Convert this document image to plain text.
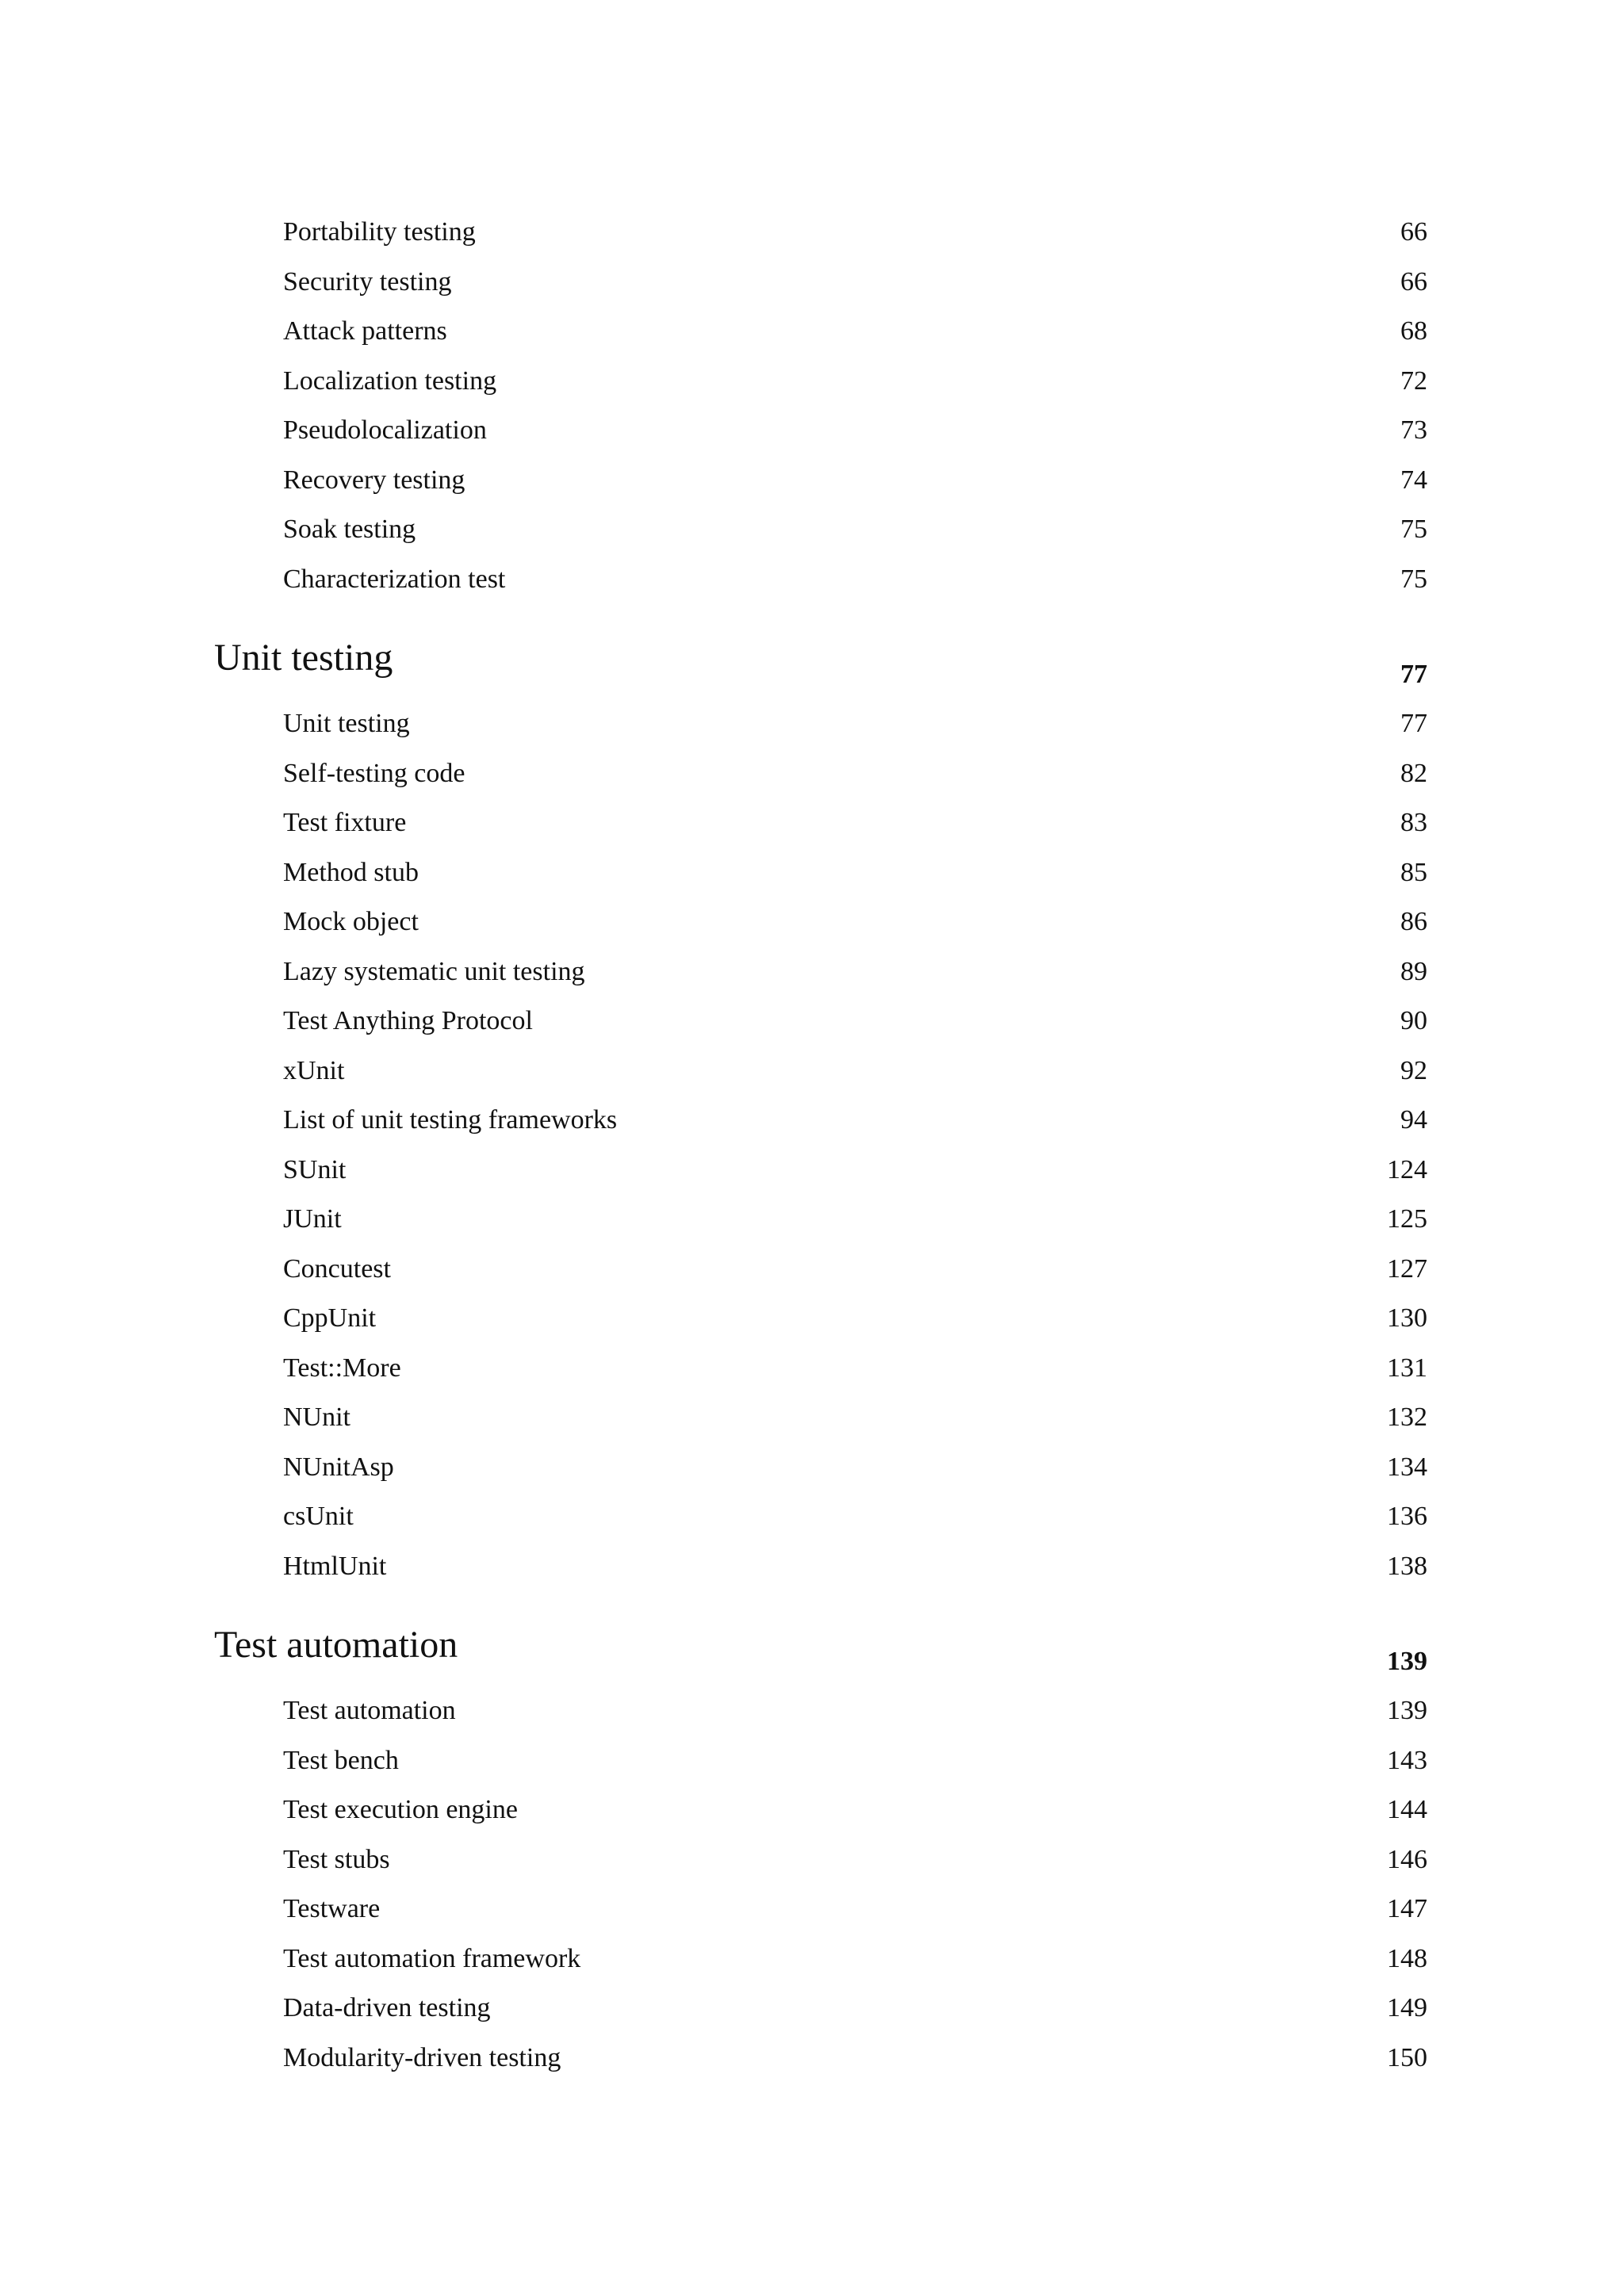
Portability testing	66
Security testing	66
Attack patterns	68
Localization testing	72
Pseudolocalization	73
Recovery testing	74
Soak testing	75
Characterization test	75
Unit testing	77
Unit testing	77
Self-testing code	82
Test fixture	83
Method stub	85
Mock object	86
Lazy systematic unit testing	89
Test Anything Protocol	90
xUnit	92
List of unit testing frameworks	94
SUnit	124
JUnit	125
Concutest	127
CppUnit	130
Test::More	131
NUnit	132
NUnitAsp	134
csUnit	136
HtmlUnit	138
Test automation	139
Test automation	139
Test bench	143
Test execution engine	144
Test stubs	146
Testware	147
Test automation framework	148
Data-driven testing	149
Modularity-driven testing	150
